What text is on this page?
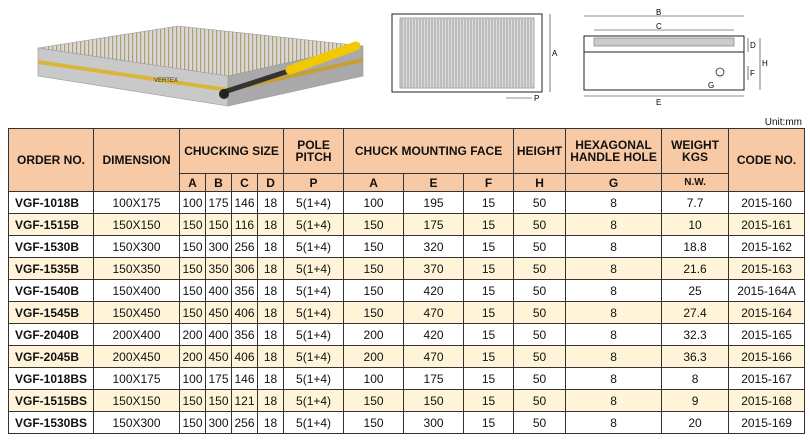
VERTEX
A
P
B
C
D
H
F
G
E
Unit:mm
ORDER NO.	DIMENSION	CHUCKING SIZE				POLE PITCH	CHUCK MOUNTING FACE			HEIGHT	HEXAGONAL HANDLE HOLE	WEIGHT KGS	CODE NO.
		A	B	C	D	P	A	E	F	H	G	N.W.	
VGF-1018B	100X175	100	175	146	18	5(1+4)	100	195	15	50	8	7.7	2015-160
VGF-1515B	150X150	150	150	116	18	5(1+4)	150	175	15	50	8	10	2015-161
VGF-1530B	150X300	150	300	256	18	5(1+4)	150	320	15	50	8	18.8	2015-162
VGF-1535B	150X350	150	350	306	18	5(1+4)	150	370	15	50	8	21.6	2015-163
VGF-1540B	150X400	150	400	356	18	5(1+4)	150	420	15	50	8	25	2015-164A
VGF-1545B	150X450	150	450	406	18	5(1+4)	150	470	15	50	8	27.4	2015-164
VGF-2040B	200X400	200	400	356	18	5(1+4)	200	420	15	50	8	32.3	2015-165
VGF-2045B	200X450	200	450	406	18	5(1+4)	200	470	15	50	8	36.3	2015-166
VGF-1018BS	100X175	100	175	146	18	5(1+4)	100	175	15	50	8	8	2015-167
VGF-1515BS	150X150	150	150	121	18	5(1+4)	150	150	15	50	8	9	2015-168
VGF-1530BS	150X300	150	300	256	18	5(1+4)	150	300	15	50	8	20	2015-169
